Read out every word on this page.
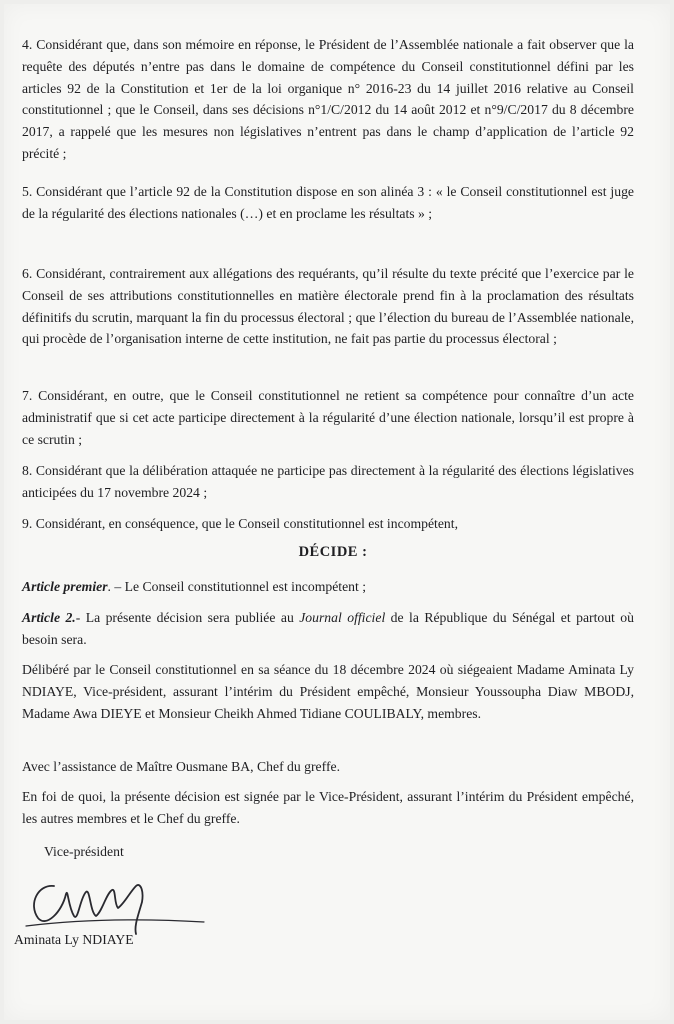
4. Considérant que, dans son mémoire en réponse, le Président de l’Assemblée nationale a fait observer que la requête des députés n’entre pas dans le domaine de compétence du Conseil constitutionnel défini par les articles 92 de la Constitution et 1er de la loi organique n° 2016-23 du 14 juillet 2016 relative au Conseil constitutionnel ; que le Conseil, dans ses décisions n°1/C/2012 du 14 août 2012 et n°9/C/2017 du 8 décembre 2017, a rappelé que les mesures non législatives n’entrent pas dans le champ d’application de l’article 92 précité ;

5. Considérant que l’article 92 de la Constitution dispose en son alinéa 3 : « le Conseil constitutionnel est juge de la régularité des élections nationales (…) et en proclame les résultats » ;

6. Considérant, contrairement aux allégations des requérants, qu’il résulte du texte précité que l’exercice par le Conseil de ses attributions constitutionnelles en matière électorale prend fin à la proclamation des résultats définitifs du scrutin, marquant la fin du processus électoral ; que l’élection du bureau de l’Assemblée nationale, qui procède de l’organisation interne de cette institution, ne fait pas partie du processus électoral ;

7. Considérant, en outre, que le Conseil constitutionnel ne retient sa compétence pour connaître d’un acte administratif que si cet acte participe directement à la régularité d’une élection nationale, lorsqu’il est propre à ce scrutin ;

8. Considérant que la délibération attaquée ne participe pas directement à la régularité des élections législatives anticipées du 17 novembre 2024 ;

9. Considérant, en conséquence, que le Conseil constitutionnel est incompétent,

DÉCIDE :

Article premier. – Le Conseil constitutionnel est incompétent ;

Article 2.- La présente décision sera publiée au Journal officiel de la République du Sénégal et partout où besoin sera.

Délibéré par le Conseil constitutionnel en sa séance du 18 décembre 2024 où siégeaient Madame Aminata Ly NDIAYE, Vice-président, assurant l’intérim du Président empêché, Monsieur Youssoupha Diaw MBODJ, Madame Awa DIEYE et Monsieur Cheikh Ahmed Tidiane COULIBALY, membres.

Avec l’assistance de Maître Ousmane BA, Chef du greffe.

En foi de quoi, la présente décision est signée par le Vice-Président, assurant l’intérim du Président empêché, les autres membres et le Chef du greffe.

Vice-président

Aminata Ly NDIAYE
